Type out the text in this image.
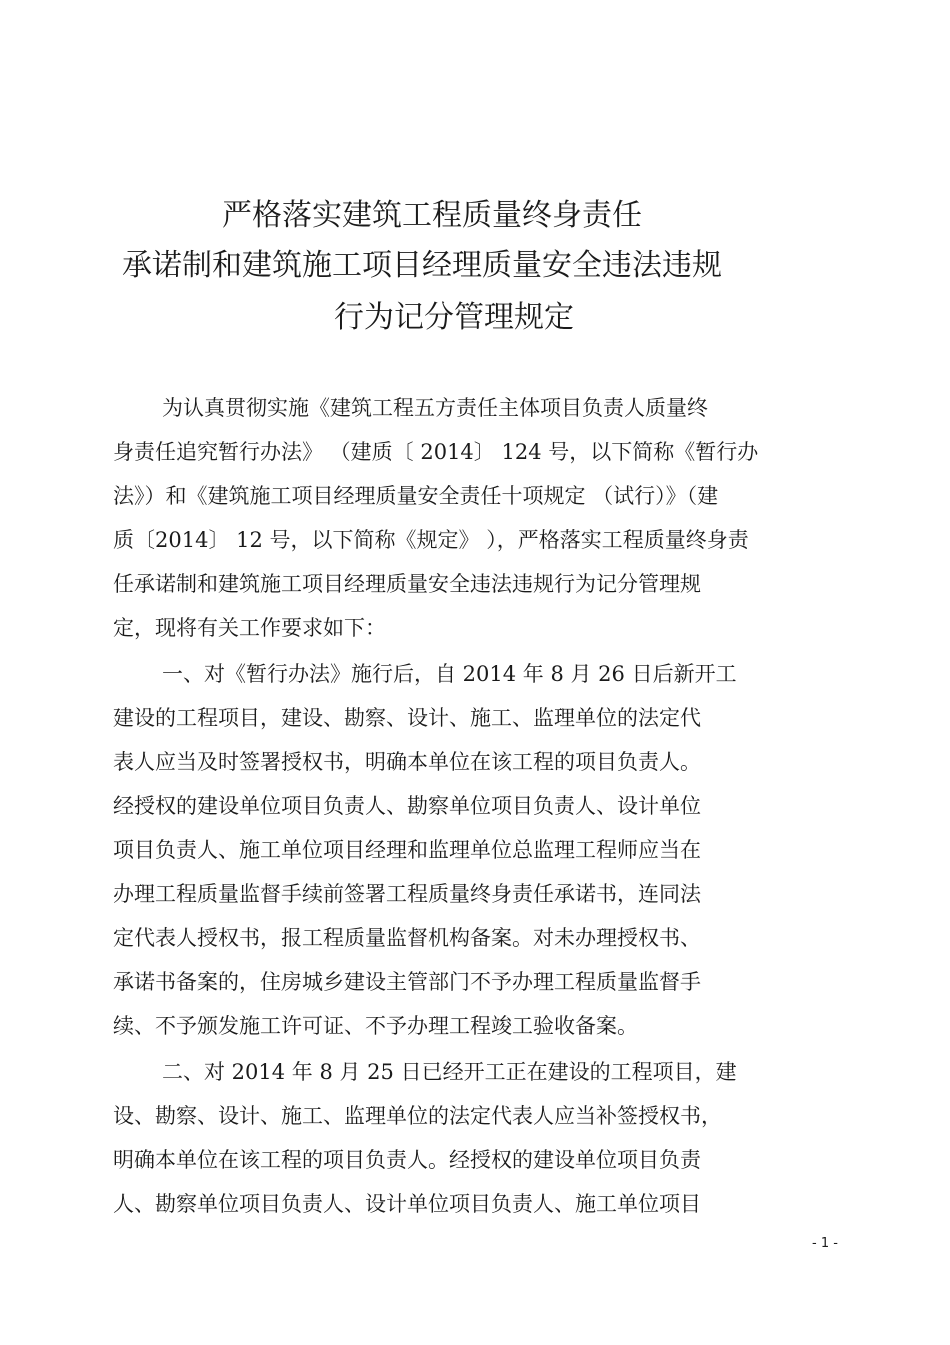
严格落实建筑工程质量终身责任
承诺制和建筑施工项目经理质量安全违法违规
行为记分管理规定
为认真贯彻实施《建筑工程五方责任主体项目负责人质量终
身责任追究暂行办法》 （建质〔 2014〕 124 号，以下简称《暂行办
法》）和《建筑施工项目经理质量安全责任十项规定 （试行）》（建
质〔2014〕 12 号，以下简称《规定》 ），严格落实工程质量终身责
任承诺制和建筑施工项目经理质量安全违法违规行为记分管理规
定，现将有关工作要求如下：
一、对《暂行办法》施行后，自 2014 年 8 月 26 日后新开工
建设的工程项目，建设、勘察、设计、施工、监理单位的法定代
表人应当及时签署授权书，明确本单位在该工程的项目负责人。
经授权的建设单位项目负责人、勘察单位项目负责人、设计单位
项目负责人、施工单位项目经理和监理单位总监理工程师应当在
办理工程质量监督手续前签署工程质量终身责任承诺书，连同法
定代表人授权书，报工程质量监督机构备案。对未办理授权书、
承诺书备案的，住房城乡建设主管部门不予办理工程质量监督手
续、不予颁发施工许可证、不予办理工程竣工验收备案。
二、对 2014 年 8 月 25 日已经开工正在建设的工程项目，建
设、勘察、设计、施工、监理单位的法定代表人应当补签授权书，
明确本单位在该工程的项目负责人。经授权的建设单位项目负责
人、勘察单位项目负责人、设计单位项目负责人、施工单位项目
- 1 -
